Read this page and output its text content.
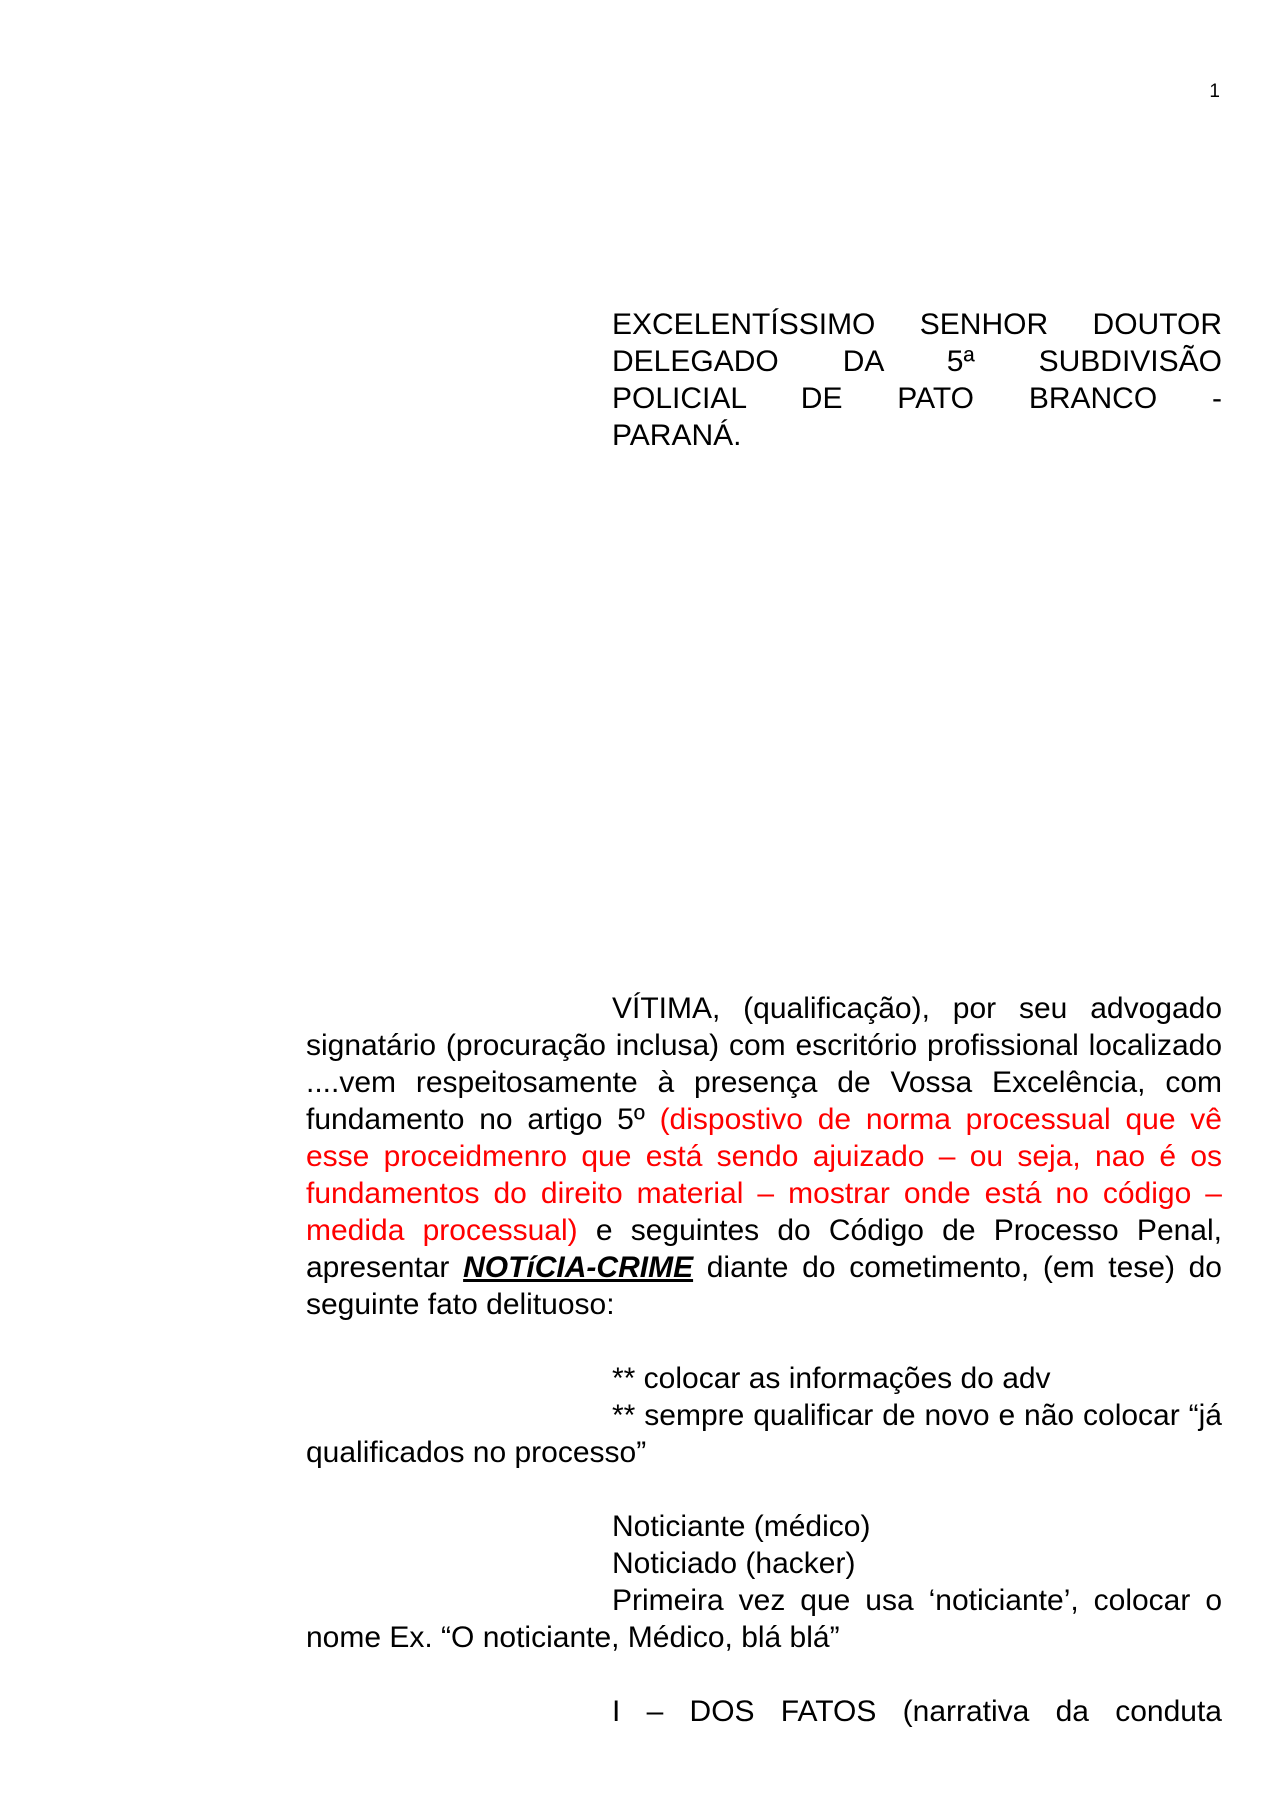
1
EXCELENTÍSSIMO SENHOR DOUTOR
DELEGADO DA 5ª SUBDIVISÃO
POLICIAL DE PATO BRANCO -
PARANÁ.

VÍTIMA, (qualificação), por seu advogado signatário (procuração inclusa) com escritório profissional localizado ....vem respeitosamente à presença de Vossa Excelência, com fundamento no artigo 5º (dispostivo de norma processual que vê esse proceidmenro que está sendo ajuizado – ou seja, nao é os fundamentos do direito material – mostrar onde está no código – medida processual) e seguintes do Código de Processo Penal, apresentar NOTíCIA-CRIME diante do cometimento, (em tese) do seguinte fato delituoso:

** colocar as informações do adv

** sempre qualificar de novo e não colocar “já qualificados no processo”

Noticiante (médico)

Noticiado (hacker)

Primeira vez que usa ‘noticiante’, colocar o nome Ex. “O noticiante, Médico, blá blá”

I – DOS FATOS (narrativa da conduta
